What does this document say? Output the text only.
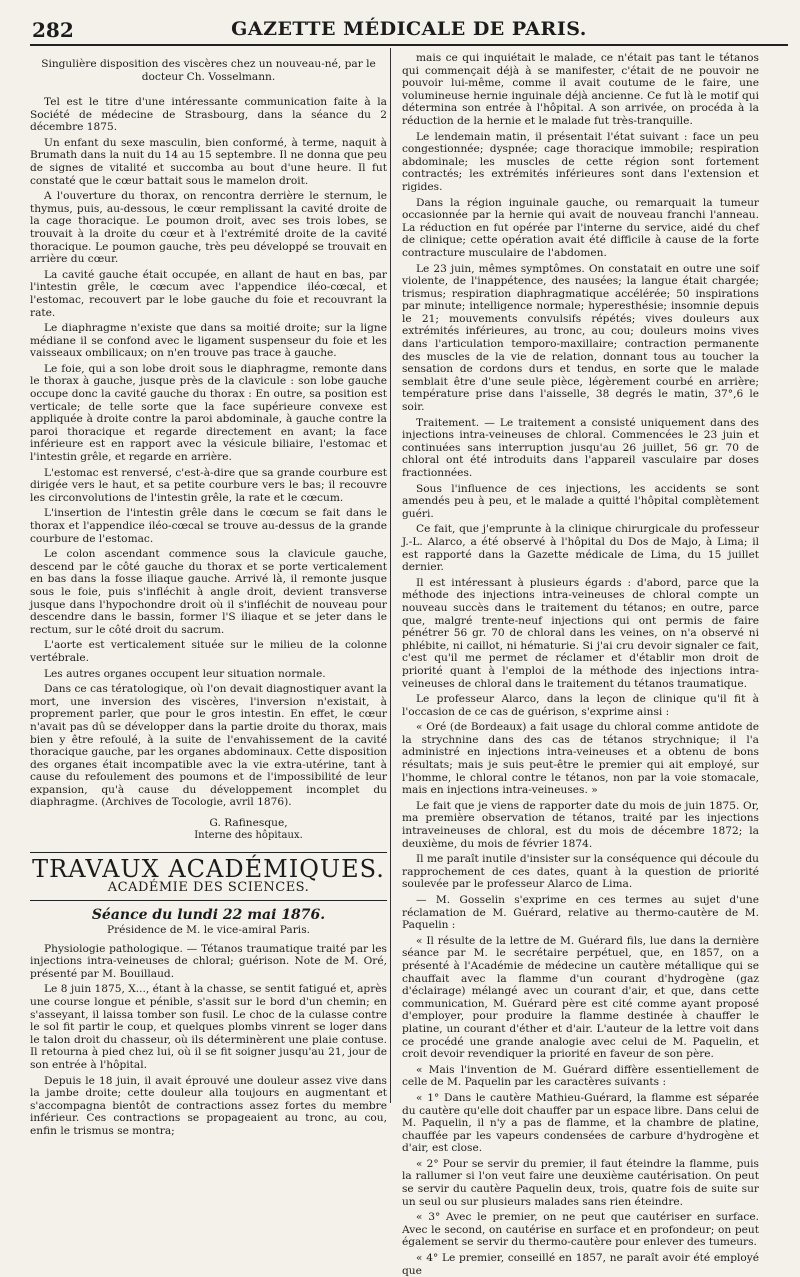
282	GAZETTE MÉDICALE DE PARIS.
Singulière disposition des viscères chez un nouveau-né, par le docteur Ch. Vosselmann.

Tel est le titre d'une intéressante communication faite à la Société de médecine de Strasbourg, dans la séance du 2 décembre 1875.

Un enfant du sexe masculin, bien conformé, à terme, naquit à Brumath dans la nuit du 14 au 15 septembre. Il ne donna que peu de signes de vitalité et succomba au bout d'une heure. Il fut constaté que le cœur battait sous le mamelon droit.

A l'ouverture du thorax, on rencontra derrière le sternum, le thymus, puis, au-dessous, le cœur remplissant la cavité droite de la cage thoracique. Le poumon droit, avec ses trois lobes, se trouvait à la droite du cœur et à l'extrémité droite de la cavité thoracique. Le poumon gauche, très peu développé se trouvait en arrière du cœur.

La cavité gauche était occupée, en allant de haut en bas, par l'intestin grêle, le cœcum avec l'appendice iléo-cœcal, et l'estomac, recouvert par le lobe gauche du foie et recouvrant la rate.

Le diaphragme n'existe que dans sa moitié droite; sur la ligne médiane il se confond avec le ligament suspenseur du foie et les vaisseaux ombilicaux; on n'en trouve pas trace à gauche.

Le foie, qui a son lobe droit sous le diaphragme, remonte dans le thorax à gauche, jusque près de la clavicule : son lobe gauche occupe donc la cavité gauche du thorax : En outre, sa position est verticale; de telle sorte que la face supérieure convexe est appliquée à droite contre la paroi abdominale, à gauche contre la paroi thoracique et regarde directement en avant; la face inférieure est en rapport avec la vésicule biliaire, l'estomac et l'intestin grêle, et regarde en arrière.

L'estomac est renversé, c'est-à-dire que sa grande courbure est dirigée vers le haut, et sa petite courbure vers le bas; il recouvre les circonvolutions de l'intestin grêle, la rate et le cœcum.

L'insertion de l'intestin grêle dans le cœcum se fait dans le thorax et l'appendice iléo-cœcal se trouve au-dessus de la grande courbure de l'estomac.

Le colon ascendant commence sous la clavicule gauche, descend par le côté gauche du thorax et se porte verticalement en bas dans la fosse iliaque gauche. Arrivé là, il remonte jusque sous le foie, puis s'infléchit à angle droit, devient transverse jusque dans l'hypochondre droit où il s'infléchit de nouveau pour descendre dans le bassin, former l'S iliaque et se jeter dans le rectum, sur le côté droit du sacrum.

L'aorte est verticalement située sur le milieu de la colonne vertébrale.

Les autres organes occupent leur situation normale.

Dans ce cas tératologique, où l'on devait diagnostiquer avant la mort, une inversion des viscères, l'inversion n'existait, à proprement parler, que pour le gros intestin. En effet, le cœur n'avait pas dû se développer dans la partie droite du thorax, mais bien y être refoulé, à la suite de l'envahissement de la cavité thoracique gauche, par les organes abdominaux. Cette disposition des organes était incompatible avec la vie extra-utérine, tant à cause du refoulement des poumons et de l'impossibilité de leur expansion, qu'à cause du développement incomplet du diaphragme. (Archives de Tocologie, avril 1876).

G. Rafinesque,
Interne des hôpitaux.
TRAVAUX ACADÉMIQUES.
ACADÉMIE DES SCIENCES.
Séance du lundi 22 mai 1876.
Présidence de M. le vice-amiral Paris.

Physiologie pathologique. — Tétanos traumatique traité par les injections intra-veineuses de chloral; guérison. Note de M. Oré, présenté par M. Bouillaud.

Le 8 juin 1875, X..., étant à la chasse, se sentit fatigué et, après une course longue et pénible, s'assit sur le bord d'un chemin; en s'asseyant, il laissa tomber son fusil. Le choc de la culasse contre le sol fit partir le coup, et quelques plombs vinrent se loger dans le talon droit du chasseur, où ils déterminèrent une plaie contuse. Il retourna à pied chez lui, où il se fit soigner jusqu'au 21, jour de son entrée à l'hôpital.

Depuis le 18 juin, il avait éprouvé une douleur assez vive dans la jambe droite; cette douleur alla toujours en augmentant et s'accompagna bientôt de contractions assez fortes du membre inférieur. Ces contractions se propageaient au tronc, au cou, enfin le trismus se montra;

mais ce qui inquiétait le malade, ce n'était pas tant le tétanos qui commençait déjà à se manifester, c'était de ne pouvoir ne pouvoir lui-même, comme il avait coutume de le faire, une volumineuse hernie inguinale déjà ancienne. Ce fut là le motif qui détermina son entrée à l'hôpital. A son arrivée, on procéda à la réduction de la hernie et le malade fut très-tranquille.

Le lendemain matin, il présentait l'état suivant : face un peu congestionnée; dyspnée; cage thoracique immobile; respiration abdominale; les muscles de cette région sont fortement contractés; les extrémités inférieures sont dans l'extension et rigides.

Dans la région inguinale gauche, ou remarquait la tumeur occasionnée par la hernie qui avait de nouveau franchi l'anneau. La réduction en fut opérée par l'interne du service, aidé du chef de clinique; cette opération avait été difficile à cause de la forte contracture musculaire de l'abdomen.

Le 23 juin, mêmes symptômes. On constatait en outre une soif violente, de l'inappétence, des nausées; la langue était chargée; trismus; respiration diaphragmatique accélérée; 50 inspirations par minute; intelligence normale; hyperesthésie; insomnie depuis le 21; mouvements convulsifs répétés; vives douleurs aux extrémités inférieures, au tronc, au cou; douleurs moins vives dans l'articulation temporo-maxillaire; contraction permanente des muscles de la vie de relation, donnant tous au toucher la sensation de cordons durs et tendus, en sorte que le malade semblait être d'une seule pièce, légèrement courbé en arrière; température prise dans l'aisselle, 38 degrés le matin, 37°,6 le soir.

Traitement. — Le traitement a consisté uniquement dans des injections intra-veineuses de chloral. Commencées le 23 juin et continuées sans interruption jusqu'au 26 juillet, 56 gr. 70 de chloral ont été introduits dans l'appareil vasculaire par doses fractionnées.

Sous l'influence de ces injections, les accidents se sont amendés peu à peu, et le malade a quitté l'hôpital complètement guéri.

Ce fait, que j'emprunte à la clinique chirurgicale du professeur J.-L. Alarco, a été observé à l'hôpital du Dos de Majo, à Lima; il est rapporté dans la Gazette médicale de Lima, du 15 juillet dernier.

Il est intéressant à plusieurs égards : d'abord, parce que la méthode des injections intra-veineuses de chloral compte un nouveau succès dans le traitement du tétanos; en outre, parce que, malgré trente-neuf injections qui ont permis de faire pénétrer 56 gr. 70 de chloral dans les veines, on n'a observé ni phlébite, ni caillot, ni hématurie. Si j'ai cru devoir signaler ce fait, c'est qu'il me permet de réclamer et d'établir mon droit de priorité quant à l'emploi de la méthode des injections intra-veineuses de chloral dans le traitement du tétanos traumatique.

Le professeur Alarco, dans la leçon de clinique qu'il fit à l'occasion de ce cas de guérison, s'exprime ainsi :

« Oré (de Bordeaux) a fait usage du chloral comme antidote de la strychnine dans des cas de tétanos strychnique; il l'a administré en injections intra-veineuses et a obtenu de bons résultats; mais je suis peut-être le premier qui ait employé, sur l'homme, le chloral contre le tétanos, non par la voie stomacale, mais en injections intra-veineuses. »

Le fait que je viens de rapporter date du mois de juin 1875. Or, ma première observation de tétanos, traité par les injections intraveineuses de chloral, est du mois de décembre 1872; la deuxième, du mois de février 1874.

Il me paraît inutile d'insister sur la conséquence qui découle du rapprochement de ces dates, quant à la question de priorité soulevée par le professeur Alarco de Lima.

— M. Gosselin s'exprime en ces termes au sujet d'une réclamation de M. Guérard, relative au thermo-cautère de M. Paquelin :

« Il résulte de la lettre de M. Guérard fils, lue dans la dernière séance par M. le secrétaire perpétuel, que, en 1857, on a présenté à l'Académie de médecine un cautère métallique qui se chauffait avec la flamme d'un courant d'hydrogène (gaz d'éclairage) mélangé avec un courant d'air, et que, dans cette communication, M. Guérard père est cité comme ayant proposé d'employer, pour produire la flamme destinée à chauffer le platine, un courant d'éther et d'air. L'auteur de la lettre voit dans ce procédé une grande analogie avec celui de M. Paquelin, et croit devoir revendiquer la priorité en faveur de son père.

« Mais l'invention de M. Guérard diffère essentiellement de celle de M. Paquelin par les caractères suivants :

« 1° Dans le cautère Mathieu-Guérard, la flamme est séparée du cautère qu'elle doit chauffer par un espace libre. Dans celui de M. Paquelin, il n'y a pas de flamme, et la chambre de platine, chauffée par les vapeurs condensées de carbure d'hydrogène et d'air, est close.

« 2° Pour se servir du premier, il faut éteindre la flamme, puis la rallumer si l'on veut faire une deuxième cautérisation. On peut se servir du cautère Paquelin deux, trois, quatre fois de suite sur un seul ou sur plusieurs malades sans rien éteindre.

« 3° Avec le premier, on ne peut que cautériser en surface. Avec le second, on cautérise en surface et en profondeur; on peut également se servir du thermo-cautère pour enlever des tumeurs.

« 4° Le premier, conseillé en 1857, ne paraît avoir été employé que
